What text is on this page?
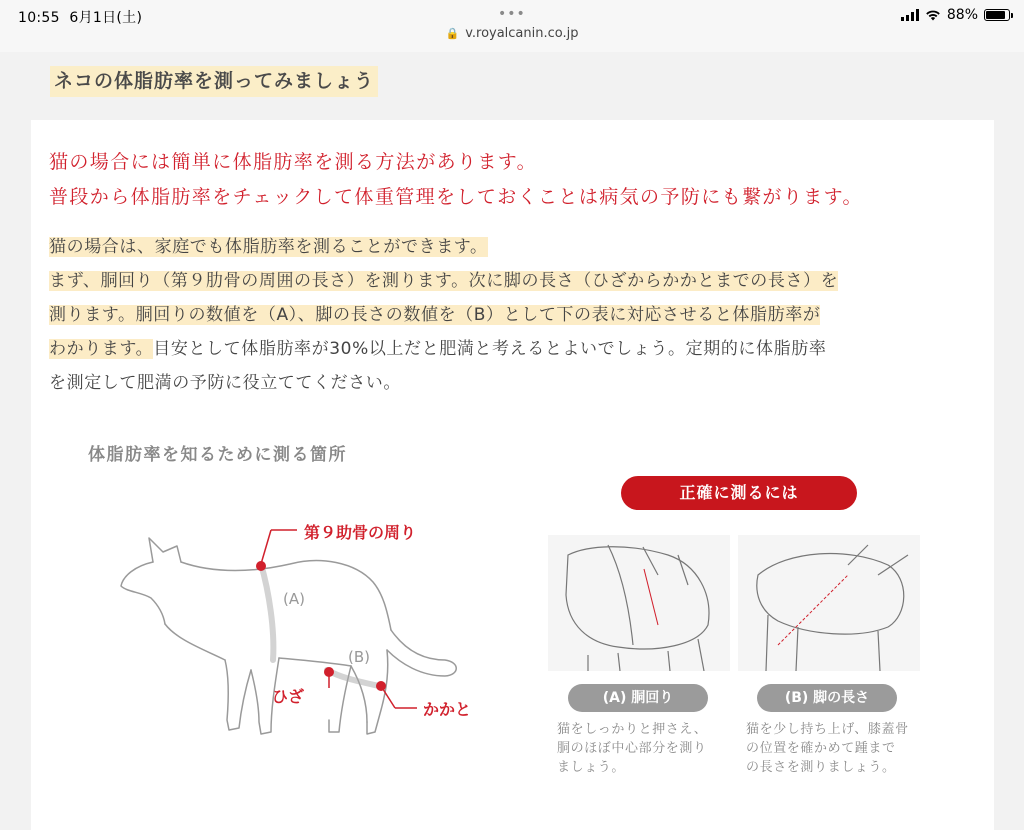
10:55 6月1日(土)	•••	88%
🔒 v.royalcanin.co.jp
ネコの体脂肪率を測ってみましょう

猫の場合には簡単に体脂肪率を測る方法があります。

普段から体脂肪率をチェックして体重管理をしておくことは病気の予防にも繋がります。

猫の場合は、家庭でも体脂肪率を測ることができます。

まず、胴回り（第９肋骨の周囲の長さ）を測ります。次に脚の長さ（ひざからかかとまでの長さ）を

測ります。胴回りの数値を（A）、脚の長さの数値を（B）として下の表に対応させると体脂肪率が

わかります。目安として体脂肪率が30%以上だと肥満と考えるとよいでしょう。定期的に体脂肪率

を測定して肥満の予防に役立ててください。

体脂肪率を知るために測る箇所
第９助骨の周り
(A)
(B)
ひざ
かかと
正確に測るには
(A) 胴回り	(B) 脚の長さ
猫をしっかりと押さえ、
胴のほぼ中心部分を測り
ましょう。
猫を少し持ち上げ、膝蓋骨
の位置を確かめて踵まで
の長さを測りましょう。
